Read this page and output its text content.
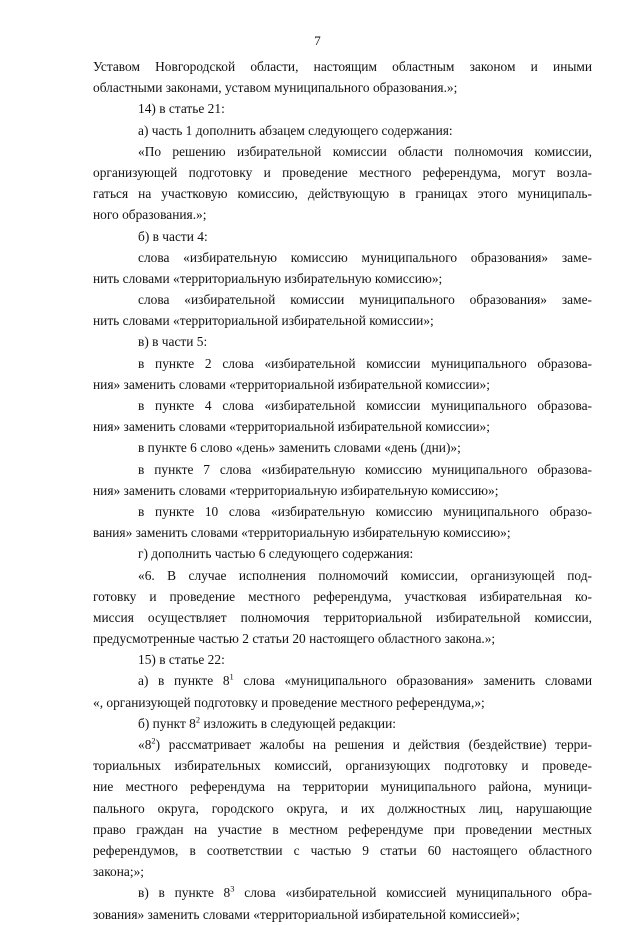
7
Уставом Новгородской области, настоящим областным законом и иными
областными законами, уставом муниципального образования.»;
14) в статье 21:
а) часть 1 дополнить абзацем следующего содержания:
«По решению избирательной комиссии области полномочия комиссии,
организующей подготовку и проведение местного референдума, могут возла-
гаться на участковую комиссию, действующую в границах этого муниципаль-
ного образования.»;
б) в части 4:
слова «избирательную комиссию муниципального образования» заме-
нить словами «территориальную избирательную комиссию»;
слова «избирательной комиссии муниципального образования» заме-
нить словами «территориальной избирательной комиссии»;
в) в части 5:
в пункте 2 слова «избирательной комиссии муниципального образова-
ния» заменить словами «территориальной избирательной комиссии»;
в пункте 4 слова «избирательной комиссии муниципального образова-
ния» заменить словами «территориальной избирательной комиссии»;
в пункте 6 слово «день» заменить словами «день (дни)»;
в пункте 7 слова «избирательную комиссию муниципального образова-
ния» заменить словами «территориальную избирательную комиссию»;
в пункте 10 слова «избирательную комиссию муниципального образо-
вания» заменить словами «территориальную избирательную комиссию»;
г) дополнить частью 6 следующего содержания:
«6. В случае исполнения полномочий комиссии, организующей под-
готовку и проведение местного референдума, участковая избирательная ко-
миссия осуществляет полномочия территориальной избирательной комиссии,
предусмотренные частью 2 статьи 20 настоящего областного закона.»;
15) в статье 22:
а) в пункте $8^1$ слова «муниципального образования» заменить словами
«, организующей подготовку и проведение местного референдума,»;
б) пункт $8^2$ изложить в следующей редакции:
«$8^2$) рассматривает жалобы на решения и действия (бездействие) терри-
ториальных избирательных комиссий, организующих подготовку и проведе-
ние местного референдума на территории муниципального района, муници-
пального округа, городского округа, и их должностных лиц, нарушающие
право граждан на участие в местном референдуме при проведении местных
референдумов, в соответствии с частью 9 статьи 60 настоящего областного
закона;»;
в) в пункте $8^3$ слова «избирательной комиссией муниципального обра-
зования» заменить словами «территориальной избирательной комиссией»;
